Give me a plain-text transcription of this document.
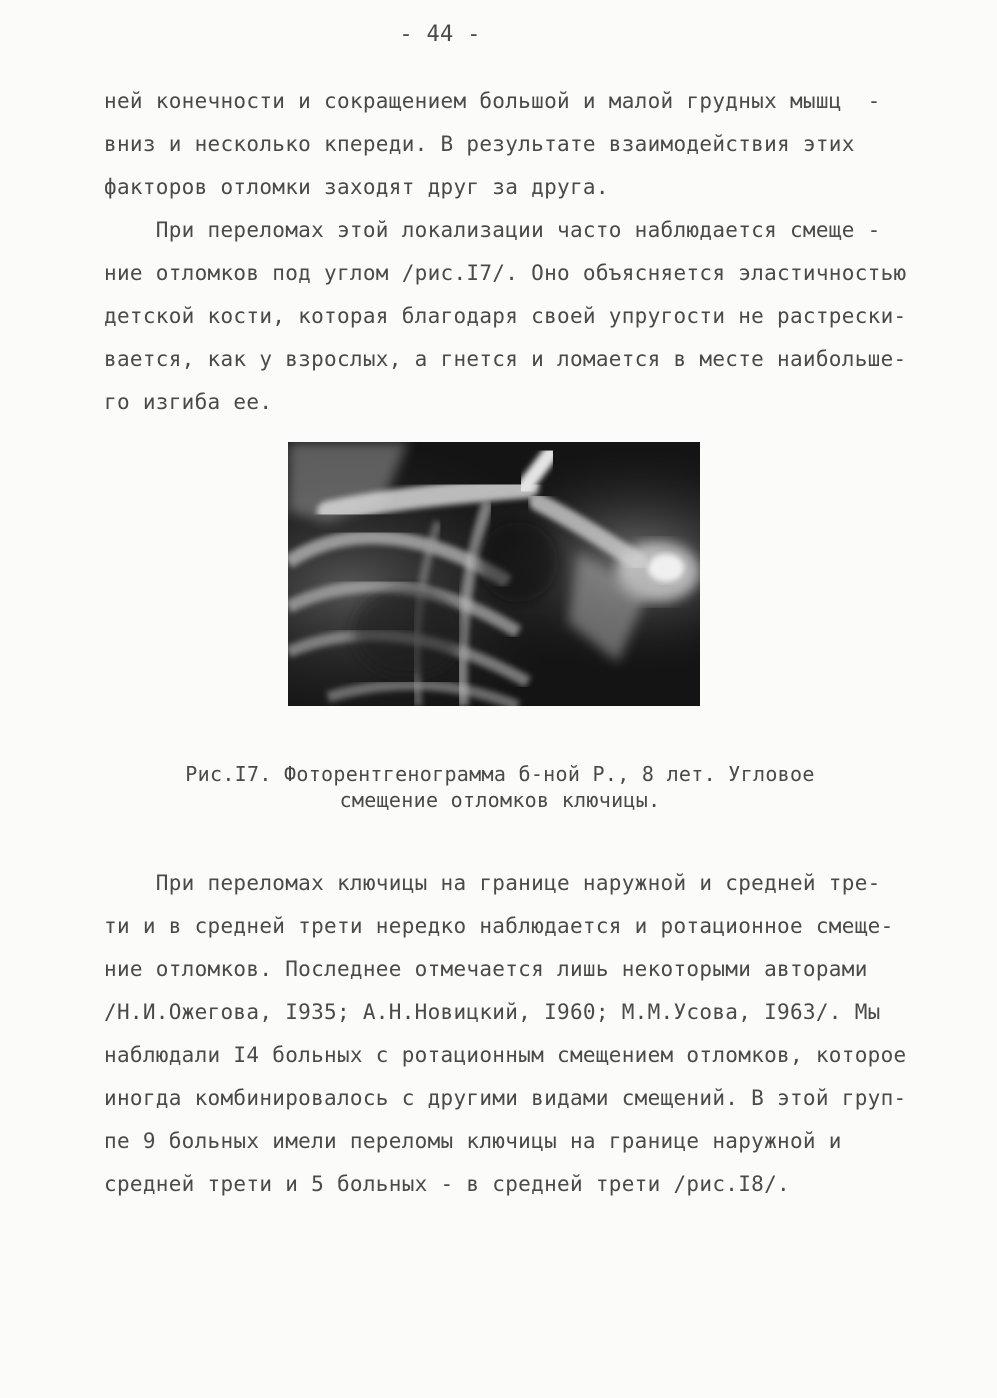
- 44 -
ней конечности и сокращением большой и малой грудных мышц  -
вниз и несколько кпереди. В результате взаимодействия этих
факторов отломки заходят друг за друга.
При переломах этой локализации часто наблюдается смеще -
ние отломков под углом /рис.I7/. Оно объясняется эластичностью
детской кости, которая благодаря своей упругости не растрески-
вается, как у взрослых, а гнется и ломается в месте наибольше-
го изгиба ее.
Рис.I7. Фоторентгенограмма б-ной Р., 8 лет. Угловое
смещение отломков ключицы.
При переломах ключицы на границе наружной и средней тре-
ти и в средней трети нередко наблюдается и ротационное смеще-
ние отломков. Последнее отмечается лишь некоторыми авторами
/Н.И.Ожегова, I935; А.Н.Новицкий, I960; М.М.Усова, I963/. Мы
наблюдали I4 больных с ротационным смещением отломков, которое
иногда комбинировалось с другими видами смещений. В этой груп-
пе 9 больных имели переломы ключицы на границе наружной и
средней трети и 5 больных - в средней трети /рис.I8/.
